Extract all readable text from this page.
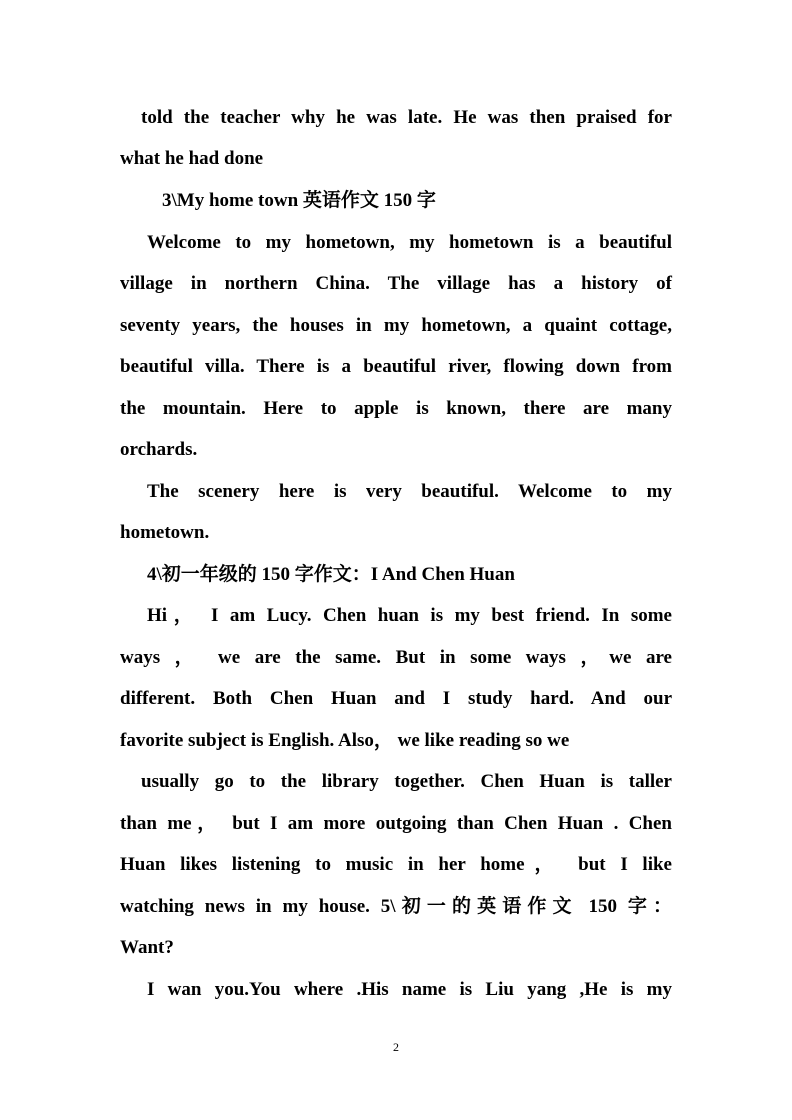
told the teacher why he was late. He was then praised for
what he had done
3\My home town 英语作文 150 字
Welcome to my hometown, my hometown is a beautiful
village in northern China. The village has a history of
seventy years, the houses in my hometown, a quaint cottage,
beautiful villa. There is a beautiful river, flowing down from
the mountain. Here to apple is known, there are many
orchards.
The scenery here is very beautiful. Welcome to my
hometown.
4\初一年级的 150 字作文：I And Chen Huan
Hi， I am Lucy. Chen huan is my best friend. In some
ways ， we are the same. But in some ways ，we are
different. Both Chen Huan and I study hard. And our
favorite subject is English. Also， we like reading so we
usually go to the library together. Chen Huan is taller
than me， but I am more outgoing than Chen Huan . Chen
Huan likes listening to music in her home， but I like
watching news in my house. 5\初一的英语作文 150 字：
Want?
I wan you.You where .His name is Liu yang ,He is my
2
